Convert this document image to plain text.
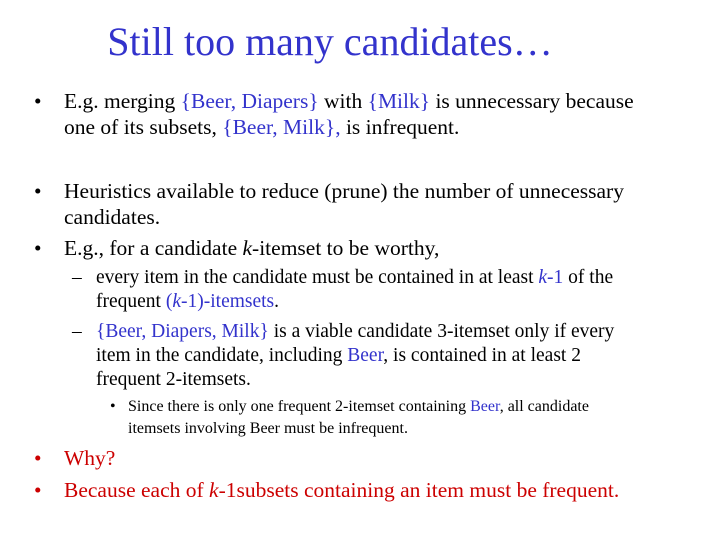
Still too many candidates…
• E.g. merging {Beer, Diapers} with {Milk} is unnecessary because
one of its subsets, {Beer, Milk}, is infrequent.
• Heuristics available to reduce (prune) the number of unnecessary
candidates.
• E.g., for a candidate k-itemset to be worthy,
– every item in the candidate must be contained in at least k-1 of the
frequent (k-1)-itemsets.
– {Beer, Diapers, Milk} is a viable candidate 3-itemset only if every
item in the candidate, including Beer, is contained in at least 2
frequent 2-itemsets.
• Since there is only one frequent 2-itemset containing Beer, all candidate
itemsets involving Beer must be infrequent.
• Why?
• Because each of k-1subsets containing an item must be frequent.
